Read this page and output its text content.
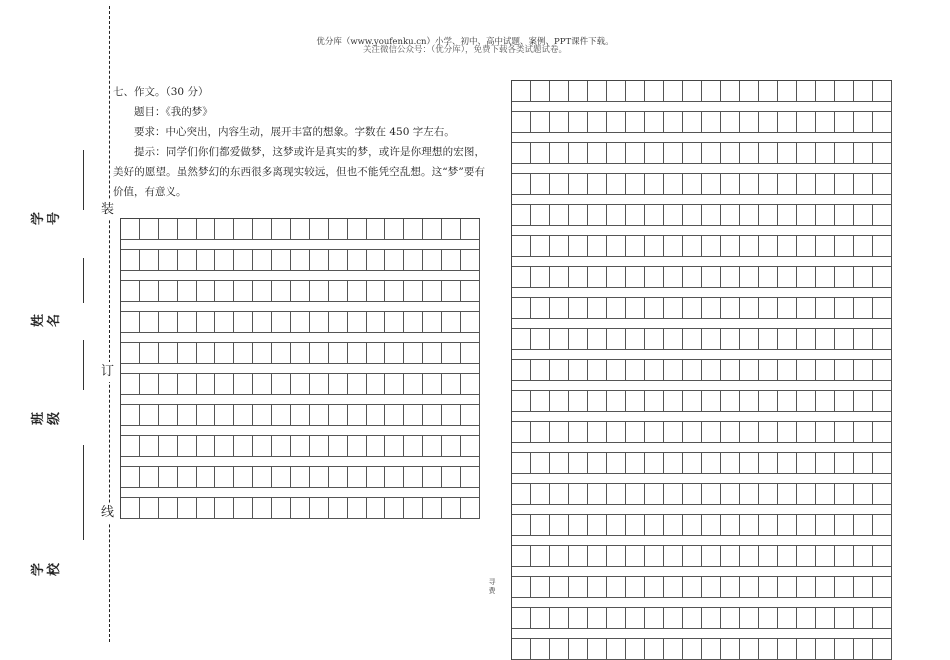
优分库（www.youfenku.cn）小学、初中、高中试题、案例、PPT课件下载。
关注微信公众号：（优分库），免费下载各类试题试卷。
学号
姓名
班级
学校
装
订
线

七、作文。（30 分）

题目：《我的梦》

要求：中心突出，内容生动，展开丰富的想象。字数在 450 字左右。

提示：同学们你们都爱做梦，这梦或许是真实的梦，或许是你理想的宏图，美好的愿望。虽然梦幻的东西很多离现实较远，但也不能凭空乱想。这“梦”要有价值，有意义。

寻 费
